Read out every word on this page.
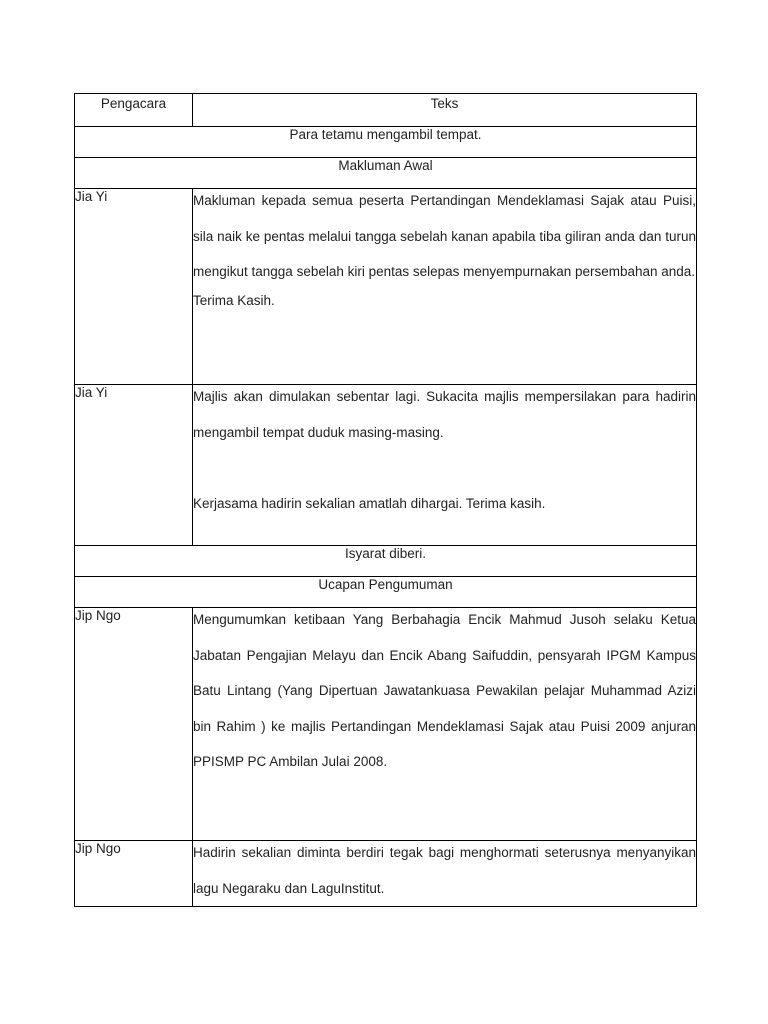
Pengacara	Teks
Para tetamu mengambil tempat.	
Makluman Awal	
Jia Yi	Makluman kepada semua peserta Pertandingan Mendeklamasi Sajak atau Puisi, sila naik ke pentas melalui tangga sebelah kanan apabila tiba giliran anda dan turun mengikut tangga sebelah kiri pentas selepas menyempurnakan persembahan anda.
Terima Kasih.

Jia Yi	Majlis akan dimulakan sebentar lagi. Sukacita majlis mempersilakan para hadirin mengambil tempat duduk masing-masing.
Kerjasama hadirin sekalian amatlah dihargai. Terima kasih.

Isyarat diberi.	
Ucapan Pengumuman	
Jip Ngo	Mengumumkan ketibaan Yang Berbahagia Encik Mahmud Jusoh selaku Ketua Jabatan Pengajian Melayu dan Encik Abang Saifuddin, pensyarah IPGM Kampus Batu Lintang (Yang Dipertuan Jawatankuasa Pewakilan pelajar Muhammad Azizi bin Rahim ) ke majlis Pertandingan Mendeklamasi Sajak atau Puisi 2009 anjuran PPISMP PC Ambilan Julai 2008.

Jip Ngo	Hadirin sekalian diminta berdiri tegak bagi menghormati seterusnya menyanyikan lagu Negaraku dan LaguInstitut.
